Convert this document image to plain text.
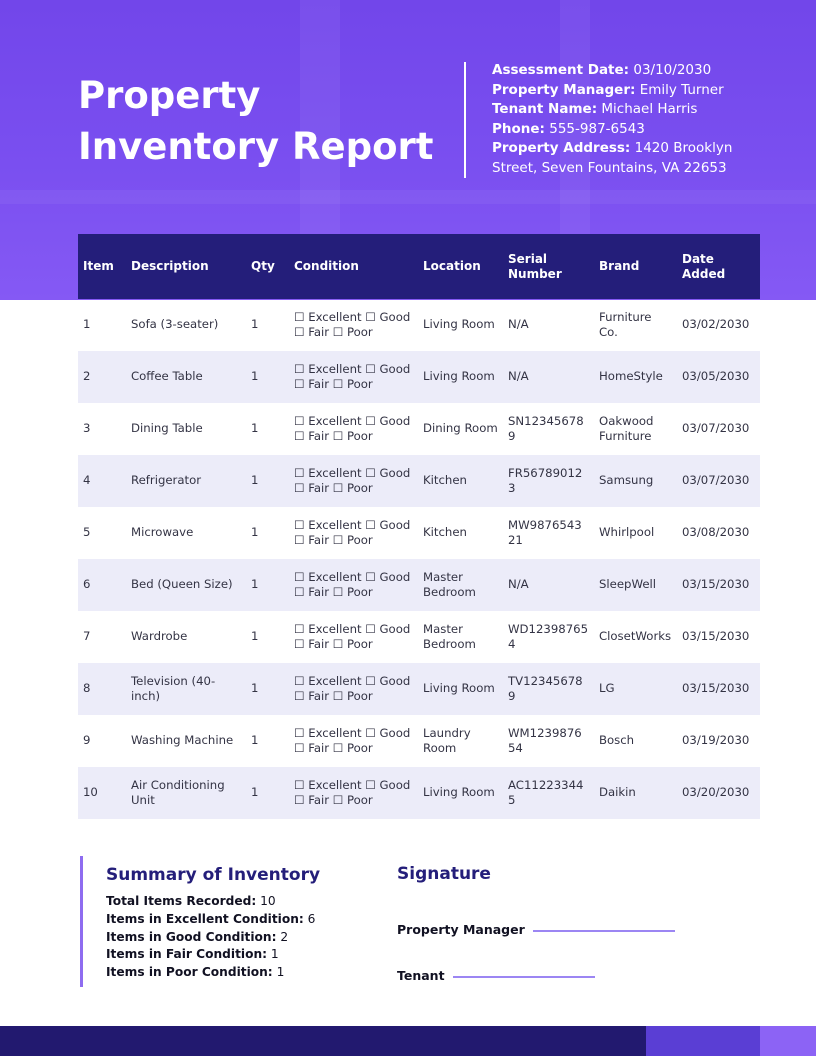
Property Inventory Report
Assessment Date: 03/10/2030
Property Manager: Emily Turner
Tenant Name: Michael Harris
Phone: 555-987-6543
Property Address: 1420 Brooklyn Street, Seven Fountains, VA 22653
Item	Description	Qty	Condition	Location	Serial Number	Brand	Date Added
1	Sofa (3-seater)	1	☐ Excellent ☐ Good ☐ Fair ☐ Poor	Living Room	N/A	Furniture Co.	03/02/2030
2	Coffee Table	1	☐ Excellent ☐ Good ☐ Fair ☐ Poor	Living Room	N/A	HomeStyle	03/05/2030
3	Dining Table	1	☐ Excellent ☐ Good ☐ Fair ☐ Poor	Dining Room	SN123456789	Oakwood Furniture	03/07/2030
4	Refrigerator	1	☐ Excellent ☐ Good ☐ Fair ☐ Poor	Kitchen	FR567890123	Samsung	03/07/2030
5	Microwave	1	☐ Excellent ☐ Good ☐ Fair ☐ Poor	Kitchen	MW987654321	Whirlpool	03/08/2030
6	Bed (Queen Size)	1	☐ Excellent ☐ Good ☐ Fair ☐ Poor	Master Bedroom	N/A	SleepWell	03/15/2030
7	Wardrobe	1	☐ Excellent ☐ Good ☐ Fair ☐ Poor	Master Bedroom	WD123987654	ClosetWorks	03/15/2030
8	Television (40-inch)	1	☐ Excellent ☐ Good ☐ Fair ☐ Poor	Living Room	TV123456789	LG	03/15/2030
9	Washing Machine	1	☐ Excellent ☐ Good ☐ Fair ☐ Poor	Laundry Room	WM123987654	Bosch	03/19/2030
10	Air Conditioning Unit	1	☐ Excellent ☐ Good ☐ Fair ☐ Poor	Living Room	AC112233445	Daikin	03/20/2030
Summary of Inventory
Total Items Recorded: 10
Items in Excellent Condition: 6
Items in Good Condition: 2
Items in Fair Condition: 1
Items in Poor Condition: 1
Signature
Property Manager
Tenant
